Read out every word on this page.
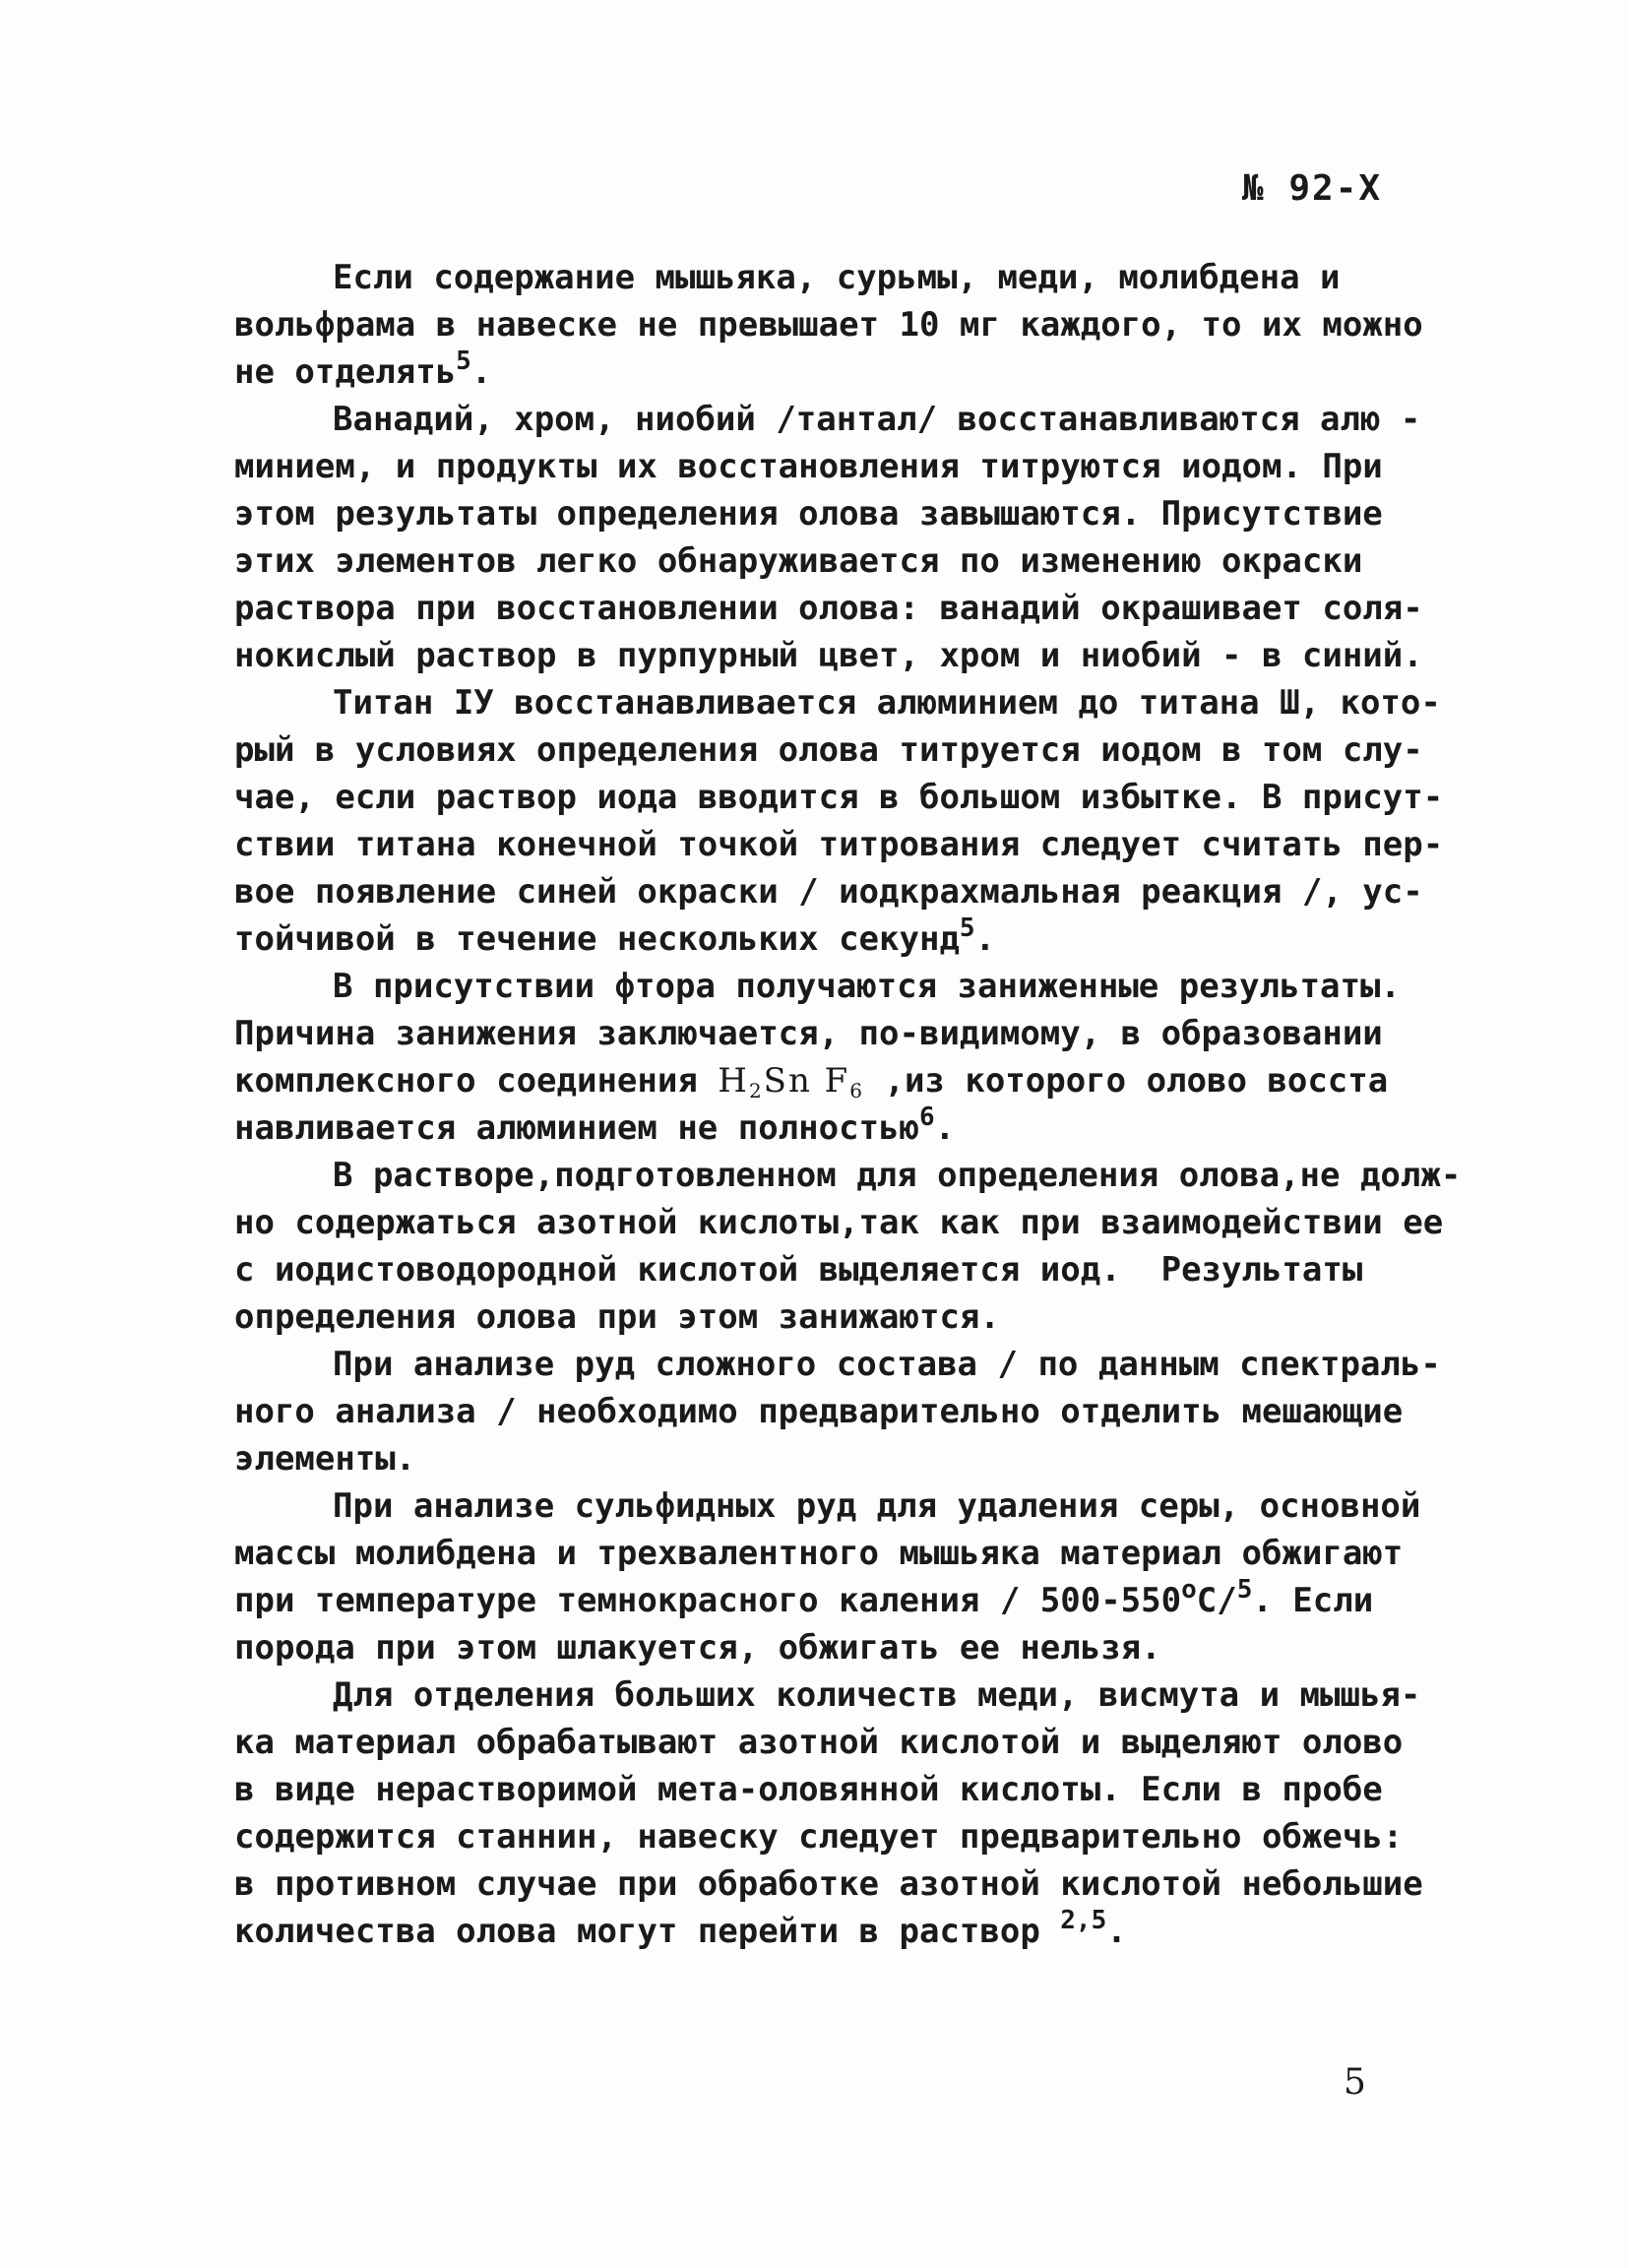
№ 92-Х
Если содержание мышьяка, сурьмы, меди, молибдена и
вольфрама в навеске не превышает 10 мг каждого, то их можно
не отделять$^5$.
Ванадий, хром, ниобий /тантал/ восстанавливаются алю -
минием, и продукты их восстановления титруются иодом. При
этом результаты определения олова завышаются. Присутствие
этих элементов легко обнаруживается по изменению окраски
раствора при восстановлении олова: ванадий окрашивает соля-
нокислый раствор в пурпурный цвет, хром и ниобий - в синий.
Титан IУ восстанавливается алюминием до титана Ш, кото-
рый в условиях определения олова титруется иодом в том слу-
чае, если раствор иода вводится в большом избытке. В присут-
ствии титана конечной точкой титрования следует считать пер-
вое появление синей окраски / иодкрахмальная реакция /, ус-
тойчивой в течение нескольких секунд$^5$.
В присутствии фтора получаются заниженные результаты.
Причина занижения заключается, по-видимому, в образовании
комплексного соединения $H_2Sn$ $F_6$ ,из которого олово восста
навливается алюминием не полностью$^6$.
В растворе,подготовленном для определения олова,не долж-
но содержаться азотной кислоты,так как при взаимодействии ее
с иодистоводородной кислотой выделяется иод.  Результаты
определения олова при этом занижаются.
При анализе руд сложного состава / по данным спектраль-
ного анализа / необходимо предварительно отделить мешающие
элементы.
При анализе сульфидных руд для удаления серы, основной
массы молибдена и трехвалентного мышьяка материал обжигают
при температуре темнокрасного каления / $500-550^оС/^5$. Если
порода при этом шлакуется, обжигать ее нельзя.
Для отделения больших количеств меди, висмута и мышья-
ка материал обрабатывают азотной кислотой и выделяют олово
в виде нерастворимой мета-оловянной кислоты. Если в пробе
содержится станнин, навеску следует предварительно обжечь:
в противном случае при обработке азотной кислотой небольшие
количества олова могут перейти в раствор $^{2,5}$.
5
